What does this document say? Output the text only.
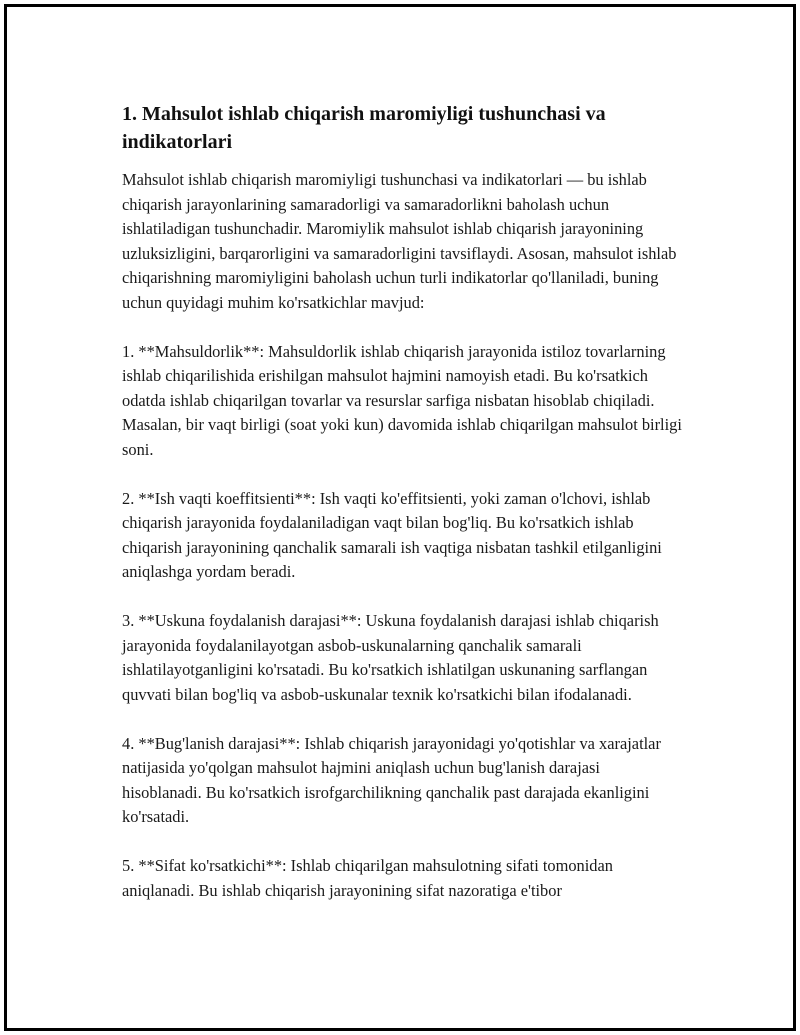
1. Mahsulot ishlab chiqarish maromiyligi tushunchasi va indikatorlari

Mahsulot ishlab chiqarish maromiyligi tushunchasi va indikatorlari — bu ishlab chiqarish jarayonlarining samaradorligi va samaradorlikni baholash uchun ishlatiladigan tushunchadir. Maromiylik mahsulot ishlab chiqarish jarayonining uzluksizligini, barqarorligini va samaradorligini tavsiflaydi. Asosan, mahsulot ishlab chiqarishning maromiyligini baholash uchun turli indikatorlar qo'llaniladi, buning uchun quyidagi muhim ko'rsatkichlar mavjud:

1. **Mahsuldorlik**: Mahsuldorlik ishlab chiqarish jarayonida istiloz tovarlarning ishlab chiqarilishida erishilgan mahsulot hajmini namoyish etadi. Bu ko'rsatkich odatda ishlab chiqarilgan tovarlar va resurslar sarfiga nisbatan hisoblab chiqiladi. Masalan, bir vaqt birligi (soat yoki kun) davomida ishlab chiqarilgan mahsulot birligi soni.

2. **Ish vaqti koeffitsienti**: Ish vaqti ko'effitsienti, yoki zaman o'lchovi, ishlab chiqarish jarayonida foydalaniladigan vaqt bilan bog'liq. Bu ko'rsatkich ishlab chiqarish jarayonining qanchalik samarali ish vaqtiga nisbatan tashkil etilganligini aniqlashga yordam beradi.

3. **Uskuna foydalanish darajasi**: Uskuna foydalanish darajasi ishlab chiqarish jarayonida foydalanilayotgan asbob-uskunalarning qanchalik samarali ishlatilayotganligini ko'rsatadi. Bu ko'rsatkich ishlatilgan uskunaning sarflangan quvvati bilan bog'liq va asbob-uskunalar texnik ko'rsatkichi bilan ifodalanadi.

4. **Bug'lanish darajasi**: Ishlab chiqarish jarayonidagi yo'qotishlar va xarajatlar natijasida yo'qolgan mahsulot hajmini aniqlash uchun bug'lanish darajasi hisoblanadi. Bu ko'rsatkich isrofgarchilikning qanchalik past darajada ekanligini ko'rsatadi.

5. **Sifat ko'rsatkichi**: Ishlab chiqarilgan mahsulotning sifati tomonidan aniqlanadi. Bu ishlab chiqarish jarayonining sifat nazoratiga e'tibor
